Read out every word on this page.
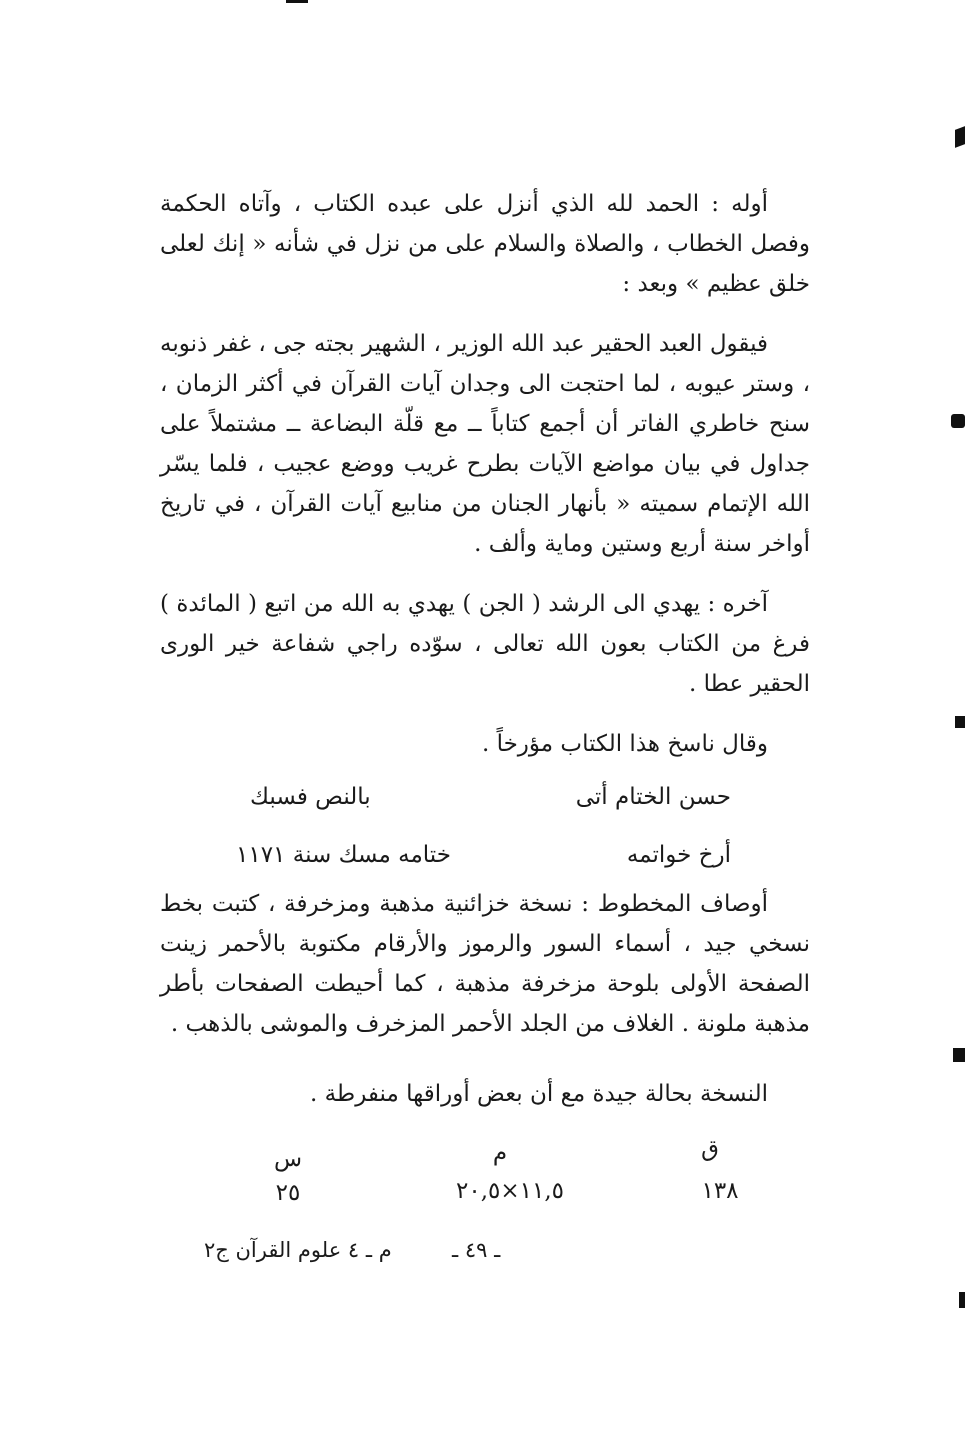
أوله : الحمد لله الذي أنزل على عبده الكتاب ، وآتاه الحكمة وفصل الخطاب ، والصلاة والسلام على من نزل في شأنه « إنك لعلى خلق عظيم » وبعد :

فيقول العبد الحقير عبد الله الوزير ، الشهير بجته جى ، غفر ذنوبه ، وستر عيوبه ، لما احتجت الى وجدان آيات القرآن في أكثر الزمان ، سنح خاطري الفاتر أن أجمع كتاباً ــ مع قلّة البضاعة ــ مشتملاً على جداول في بيان مواضع الآيات بطرح غريب ووضع عجيب ، فلما يسّر الله الإتمام سميته « بأنهار الجنان من منابيع آيات القرآن ، في تاريخ أواخر سنة أربع وستين وماية وألف .

آخره : يهدي الى الرشد ( الجن ) يهدي به الله من اتبع ( المائدة ) فرغ من الكتاب بعون الله تعالى ، سوّده راجي شفاعة خير الورى الحقير عطا .

وقال ناسخ هذا الكتاب مؤرخاً .

حسن الختام أتى
بالنص فسبك
أرخ خواتمه
ختامه مسك سنة ١١٧١

أوصاف المخطوط : نسخة خزائنية مذهبة ومزخرفة ، كتبت بخط نسخي جيد ، أسماء السور والرموز والأرقام مكتوبة بالأحمر زينت الصفحة الأولى بلوحة مزخرفة مذهبة ، كما أحيطت الصفحات بأطر مذهبة ملونة . الغلاف من الجلد الأحمر المزخرف والموشى بالذهب .

النسخة بحالة جيدة مع أن بعض أوراقها منفرطة .

ق
١٣٨
م
١١,٥×٢٠,٥
س
٢٥
ـ ٤٩ ـ
م ـ ٤ علوم القرآن ج٢
